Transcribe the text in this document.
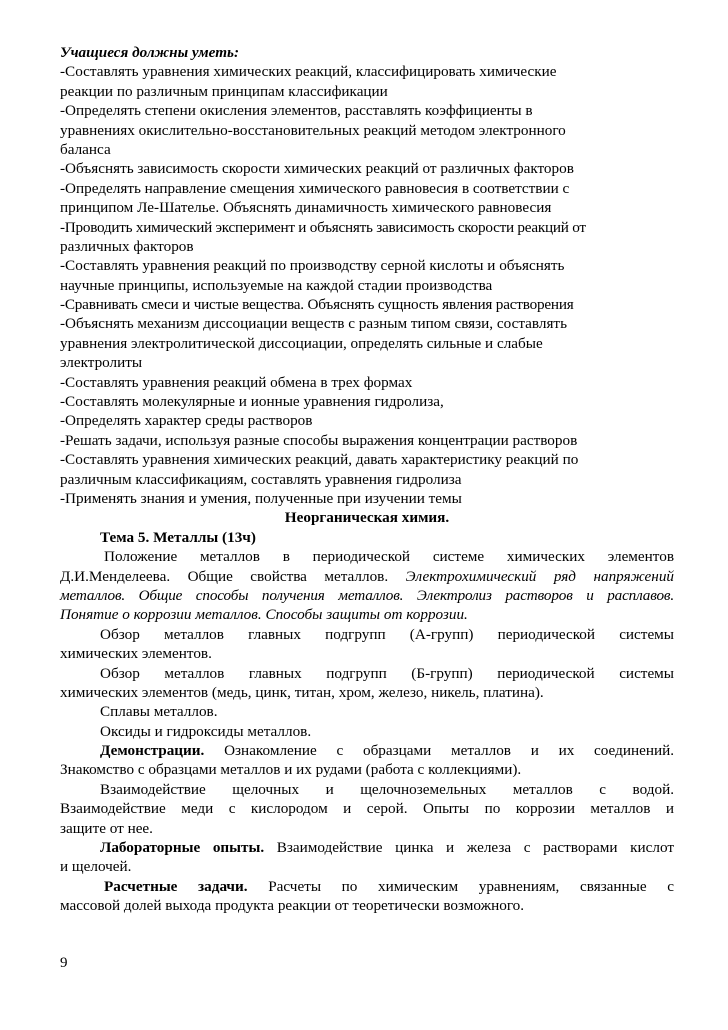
Учащиеся должны уметь:
-Составлять уравнения химических реакций, классифицировать химические
реакции по различным принципам классификации
-Определять степени окисления элементов, расставлять коэффициенты в
уравнениях окислительно-восстановительных реакций методом электронного
баланса
-Объяснять зависимость скорости химических реакций от различных факторов
-Определять направление смещения химического равновесия в соответствии с
принципом Ле-Шателье. Объяснять динамичность химического равновесия
-Проводить химический эксперимент и объяснять зависимость скорости реакций от
различных факторов
-Составлять уравнения реакций по производству серной кислоты и объяснять
научные принципы, используемые на каждой стадии производства
-Сравнивать смеси и чистые вещества. Объяснять сущность явления растворения
-Объяснять механизм диссоциации веществ с разным типом связи, составлять
уравнения электролитической диссоциации, определять сильные и слабые
электролиты
-Составлять уравнения реакций обмена в трех формах
-Составлять молекулярные и ионные уравнения гидролиза,
-Определять характер среды растворов
-Решать задачи, используя разные способы выражения концентрации растворов
-Составлять уравнения химических реакций, давать характеристику реакций по
различным классификациям, составлять уравнения гидролиза
-Применять знания и умения, полученные при изучении темы
Неорганическая химия.
Тема 5. Металлы (13ч)
Положение металлов в периодической системе химических элементов
Д.И.Менделеева. Общие свойства металлов. Электрохимический ряд напряжений
металлов. Общие способы получения металлов. Электролиз растворов и расплавов.
Понятие о коррозии металлов. Способы защиты от коррозии.
Обзор металлов главных подгрупп (А-групп) периодической системы
химических элементов.
Обзор металлов главных подгрупп (Б-групп) периодической системы
химических элементов (медь, цинк, титан, хром, железо, никель, платина).
Сплавы металлов.
Оксиды и гидроксиды металлов.
Демонстрации. Ознакомление с образцами металлов и их соединений.
Знакомство с образцами металлов и их рудами (работа с коллекциями).
Взаимодействие щелочных и щелочноземельных металлов с водой.
Взаимодействие меди с кислородом и серой. Опыты по коррозии металлов и
защите от нее.
Лабораторные опыты. Взаимодействие цинка и железа с растворами кислот
и щелочей.
Расчетные задачи. Расчеты по химическим уравнениям, связанные с
массовой долей выхода продукта реакции от теоретически возможного.
9
